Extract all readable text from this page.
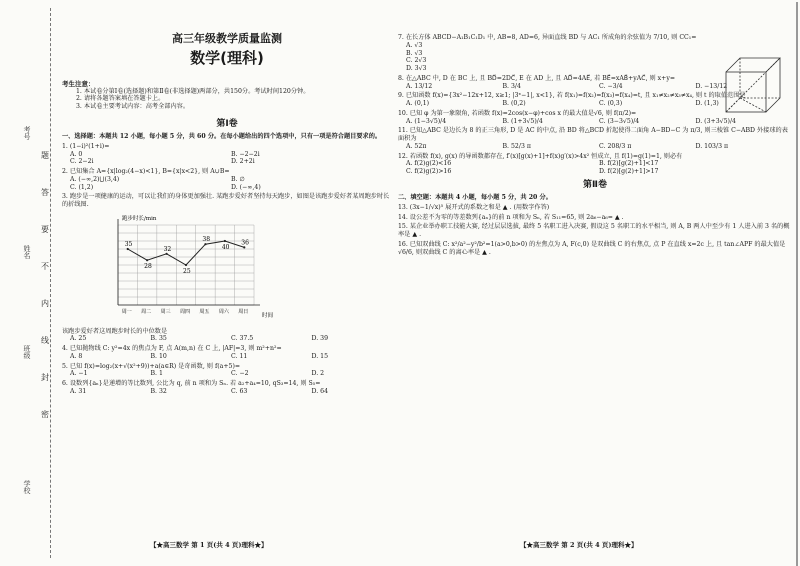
考号
姓名
班级
学校
题
答
要
不
内
线
封
密
高三年级教学质量监测
数学(理科)
考生注意：

1. 本试卷分第Ⅰ卷(选择题)和第Ⅱ卷(非选择题)两部分，共150分。考试时间120分钟。

2. 请将各题答案填在答题卡上。

3. 本试卷主要考试内容：高考全部内容。

第Ⅰ卷
一、选择题：本题共 12 小题，每小题 5 分，共 60 分。在每小题给出的四个选项中，只有一项是符合题目要求的。
1. (1−i)²(1+i)=
A. 0	B. −2−2i
C. 2−2i	D. 2+2i
2. 已知集合 A={x|log₂(4−x)<1}, B={x|x<2}, 则 A∪B=
A. (−∞,2)⋃(3,4)	B. ∅
C. (1,2)	D. (−∞,4)
3. 跑步是一项健康的运动，可以让我们的身体更加强壮. 某跑步爱好者坚持每天跑步，如图是该跑步爱好者某周跑步时长的折线图.
35
28
32
25
38
40
36
周一 周二 周三 周四 周五 周六 周日
跑步时长/min
时间
该跑步爱好者这周跑步时长的中位数是
A. 25	B. 35	C. 37.5	D. 39
4. 已知抛物线 C: y²=4x 的焦点为 F, 点 A(m,n) 在 C 上, |AF|=3, 则 m²+n²=
A. 8	B. 10	C. 11	D. 15
5. 已知 f(x)=log₂(x+√(x²+9))+a(a∈R) 是奇函数, 则 f(a+5)=
A. −1	B. 1	C. −2	D. 2
6. 设数列{aₙ}是递增的等比数列, 公比为 q, 前 n 项和为 Sₙ. 若 a₂+a₄=10, qS₃=14, 则 S₅=
A. 31	B. 32	C. 63	D. 64
【★高三数学 第 1 页(共 4 页)理科★】
7. 在长方体 ABCD−A₁B₁C₁D₁ 中, AB=8, AD=6, 异面直线 BD 与 AC₁ 所成角的余弦值为 7/10, 则 CC₁=
A. √3
B. √3
C. 2√3
D. 3√3
8. 在△ABC 中, D 在 BC 上, 且 BD⃗=2DC⃗, E 在 AD 上, 且 AD⃗=4AE⃗, 若 BE⃗=xAB⃗+yAC⃗, 则 x+y=
A. 13/12	B. 3/4	C. −3/4	D. −13/12
9. 已知函数 f(x)={3x²−12x+12, x≥1; |3ˣ−1|, x<1}, 若 f(x₁)=f(x₂)=f(x₃)=f(x₄)=t, 且 x₁≠x₂≠x₃≠x₄, 则 t 的取值范围是
A. (0,1)	B. (0,2)	C. (0,3)	D. (1,3)
10. 已知 φ 为第一象限角, 若函数 f(x)=2cos(x−φ)+cos x 的最大值是√6, 则 f(π/2)=
A. (1−3√5)/4	B. (1+3√5)/4	C. (3−3√5)/4	D. (3+3√5)/4
11. 已知△ABC 是边长为 8 的正三角形, D 是 AC 的中点, 沿 BD 将△BCD 折起使得二面角 A−BD−C 为 π/3, 则三棱锥 C−ABD 外接球的表面积为
A. 52π	B. 52/3 π	C. 208/3 π	D. 103/3 π
12. 若函数 f(x), g(x) 的导函数都存在, f′(x)[g(x)+1]+f(x)g′(x)>4x² 恒成立, 且 f(1)=g(1)=1, 则必有
A. f(2)g(2)<16	B. f(2)[g(2)+1]<17
C. f(2)g(2)>16	D. f(2)[g(2)+1]>17
第Ⅱ卷
二、填空题：本题共 4 小题，每小题 5 分，共 20 分。
13. (3x−1/√x)⁵ 展开式的系数之和是 ▲ . (用数字作答)
14. 设公差不为零的等差数列{aₙ}的前 n 项和为 Sₙ, 若 S₁₁=65, 则 2a₆−a₆= ▲ .
15. 某企业举办职工技能大赛, 经过层层选拔, 最终 5 名职工进入决赛, 假设这 5 名职工的水平相当, 则 A, B 两人中至少有 1 人进入前 3 名的概率是 ▲ .
16. 已知双曲线 C: x²/a²−y²/b²=1(a>0,b>0) 的左焦点为 A, F(c,0) 是双曲线 C 的右焦点, 点 P 在直线 x=2c 上, 且 tan∠APF 的最大值是 √6/6, 则双曲线 C 的离心率是 ▲ .
【★高三数学 第 2 页(共 4 页)理科★】
